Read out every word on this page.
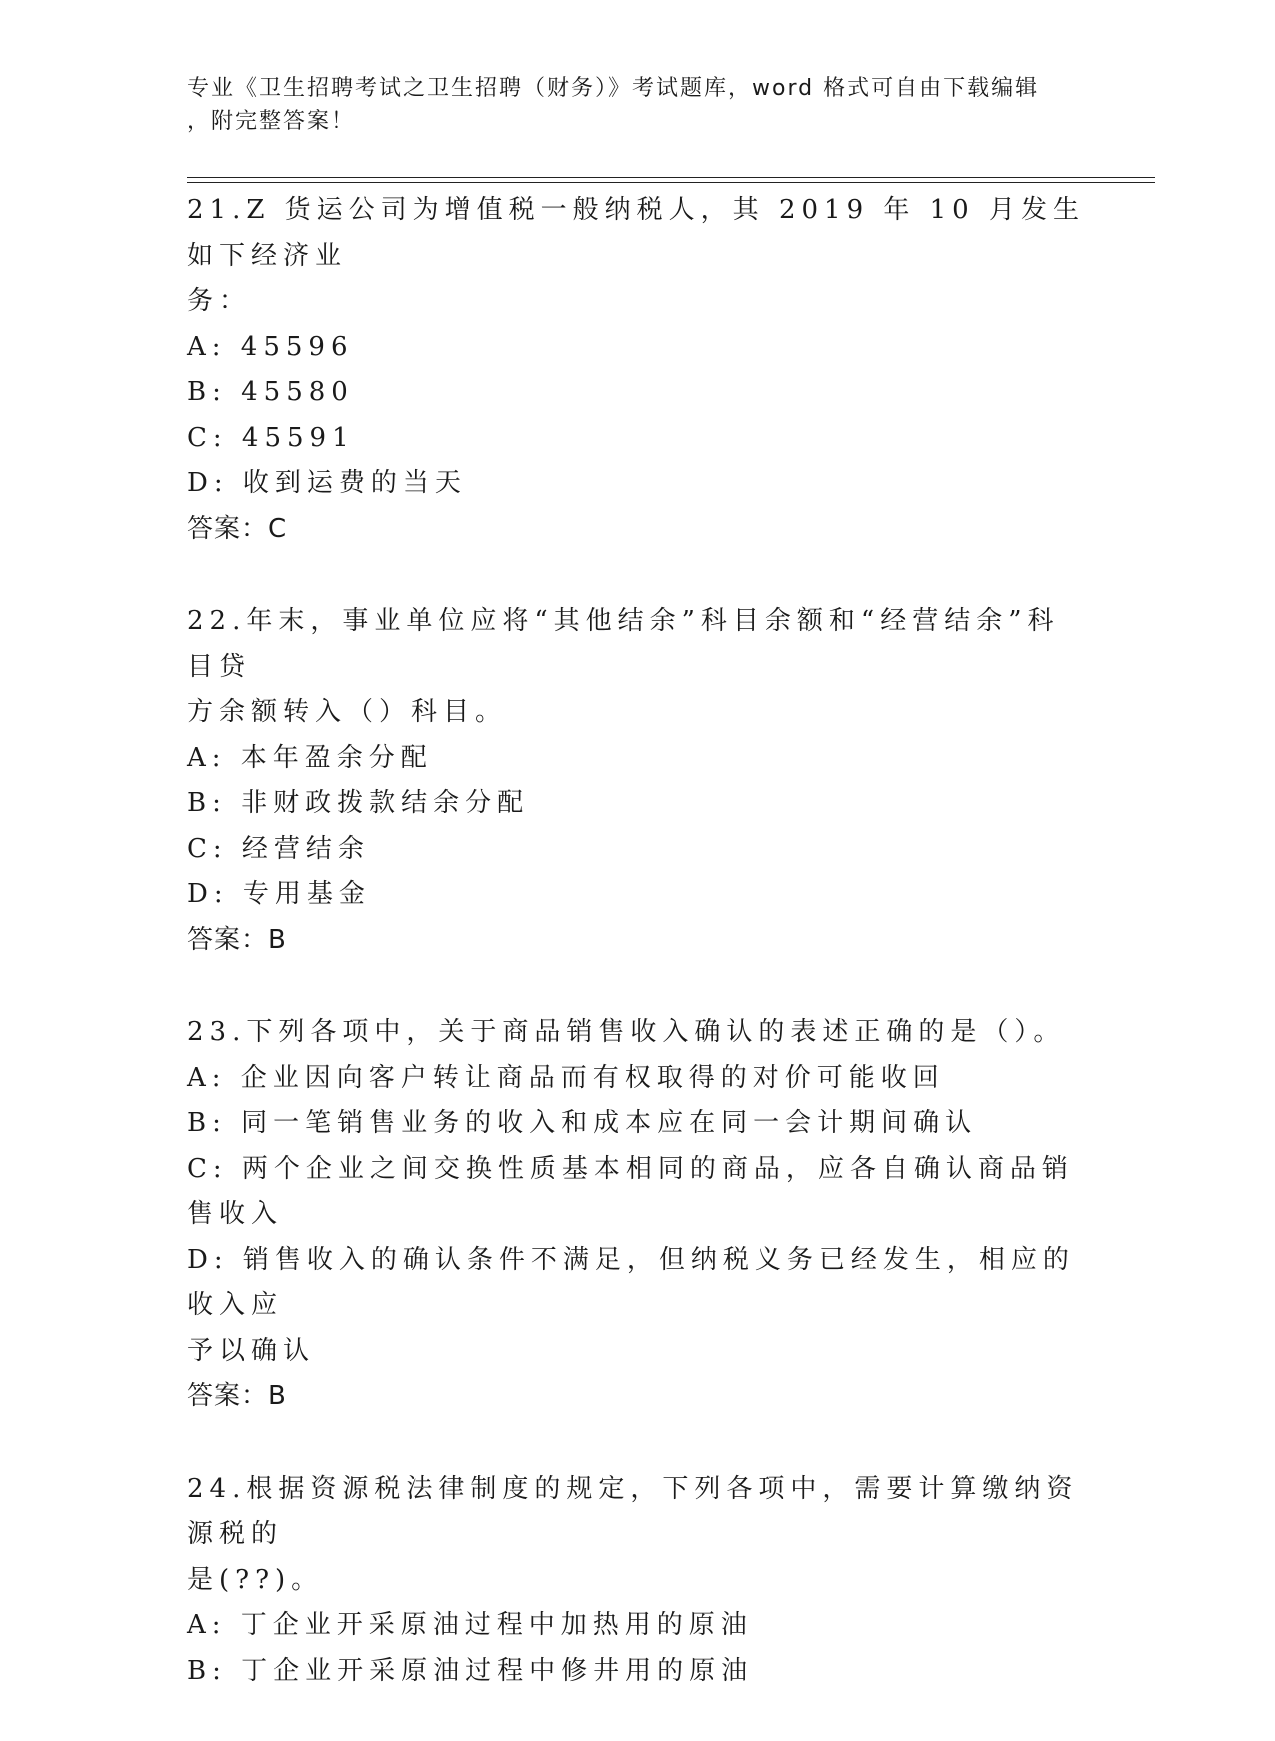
专业《卫生招聘考试之卫生招聘（财务）》考试题库，word 格式可自由下载编辑
，附完整答案！
21.Z 货运公司为增值税一般纳税人，其 2019 年 10 月发生如下经济业
务：
A: 45596
B: 45580
C: 45591
D: 收到运费的当天
答案：C
22.年末，事业单位应将“其他结余”科目余额和“经营结余”科目贷
方余额转入（）科目。
A: 本年盈余分配
B: 非财政拨款结余分配
C: 经营结余
D: 专用基金
答案：B
23.下列各项中，关于商品销售收入确认的表述正确的是（）。
A: 企业因向客户转让商品而有权取得的对价可能收回
B: 同一笔销售业务的收入和成本应在同一会计期间确认
C: 两个企业之间交换性质基本相同的商品，应各自确认商品销售收入
D: 销售收入的确认条件不满足，但纳税义务已经发生，相应的收入应
予以确认
答案：B
24.根据资源税法律制度的规定，下列各项中，需要计算缴纳资源税的
是(??)。
A: 丁企业开采原油过程中加热用的原油
B: 丁企业开采原油过程中修井用的原油
